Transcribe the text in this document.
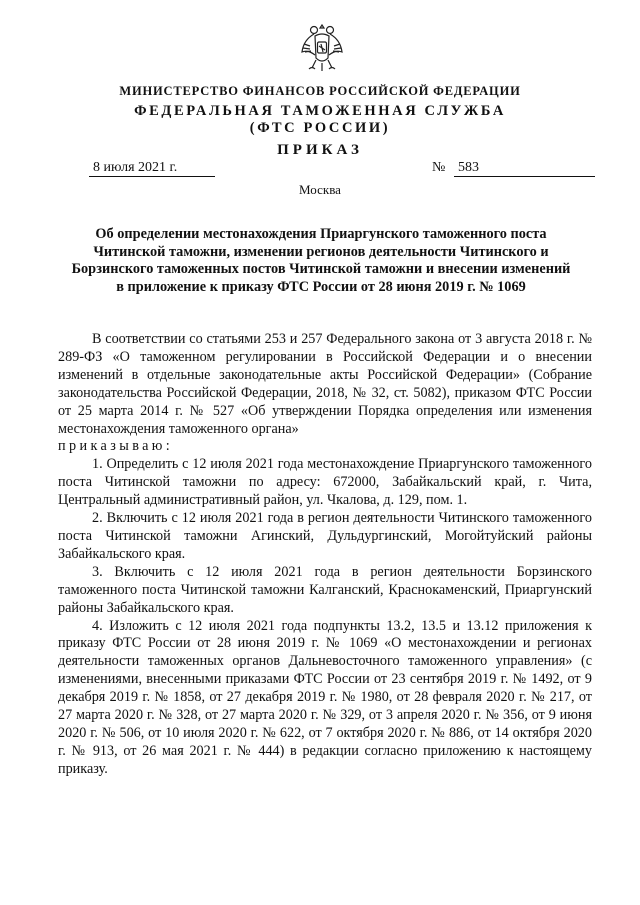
МИНИСТЕРСТВО ФИНАНСОВ РОССИЙСКОЙ ФЕДЕРАЦИИ
ФЕДЕРАЛЬНАЯ ТАМОЖЕННАЯ СЛУЖБА
(ФТС РОССИИ)
ПРИКАЗ
8 июля 2021 г.	№ 583
Москва
Об определении местонахождения Приаргунского таможенного поста
Читинской таможни, изменении регионов деятельности Читинского и
Борзинского таможенных постов Читинской таможни и внесении изменений
в приложение к приказу ФТС России от 28 июня 2019 г. № 1069

В соответствии со статьями 253 и 257 Федерального закона от 3 августа 2018 г. № 289-ФЗ «О таможенном регулировании в Российской Федерации и о внесении изменений в отдельные законодательные акты Российской Федерации» (Собрание законодательства Российской Федерации, 2018, № 32, ст. 5082), приказом ФТС России от 25 марта 2014 г. № 527 «Об утверждении Порядка определения или изменения местонахождения таможенного органа»

приказываю:

1. Определить с 12 июля 2021 года местонахождение Приаргунского таможенного поста Читинской таможни по адресу: 672000, Забайкальский край, г. Чита, Центральный административный район, ул. Чкалова, д. 129, пом. 1.

2. Включить с 12 июля 2021 года в регион деятельности Читинского таможенного поста Читинской таможни Агинский, Дульдургинский, Могойтуйский районы Забайкальского края.

3. Включить с 12 июля 2021 года в регион деятельности Борзинского таможенного поста Читинской таможни Калганский, Краснокаменский, Приаргунский районы Забайкальского края.

4. Изложить с 12 июля 2021 года подпункты 13.2, 13.5 и 13.12 приложения к приказу ФТС России от 28 июня 2019 г. № 1069 «О местонахождении и регионах деятельности таможенных органов Дальневосточного таможенного управления» (с изменениями, внесенными приказами ФТС России от 23 сентября 2019 г. № 1492, от 9 декабря 2019 г. № 1858, от 27 декабря 2019 г. № 1980, от 28 февраля 2020 г. № 217, от 27 марта 2020 г. № 328, от 27 марта 2020 г. № 329, от 3 апреля 2020 г. № 356, от 9 июня 2020 г. № 506, от 10 июля 2020 г. № 622, от 7 октября 2020 г. № 886, от 14 октября 2020 г. № 913, от 26 мая 2021 г. № 444) в редакции согласно приложению к настоящему приказу.
